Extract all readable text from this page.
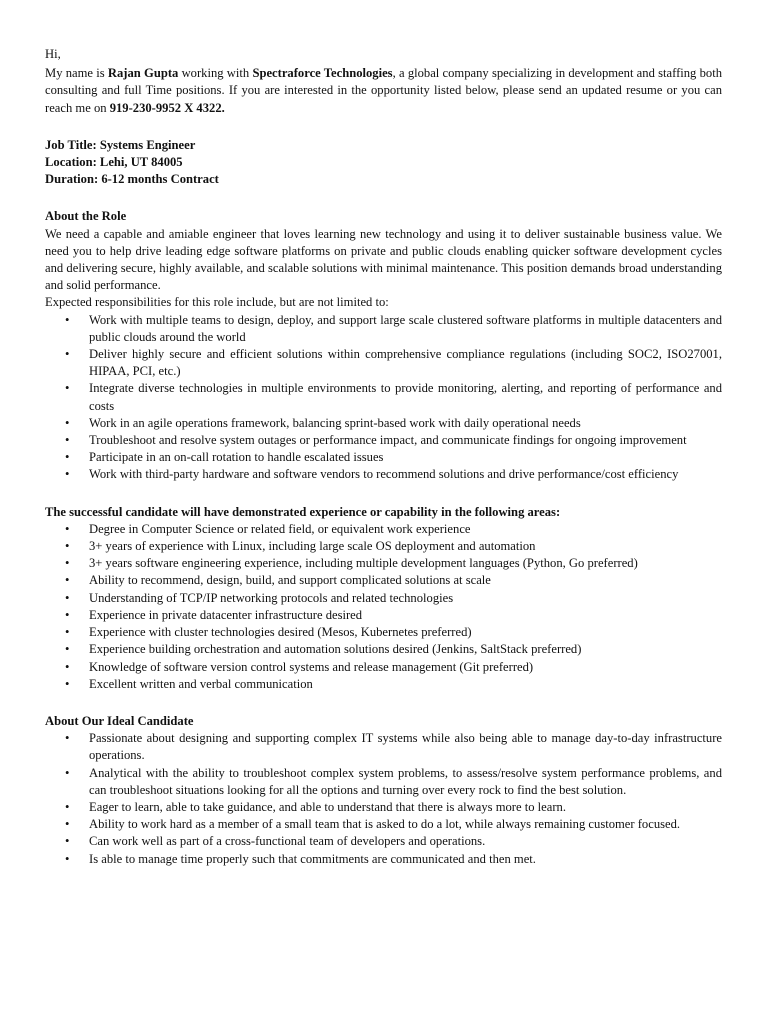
Hi,

My name is Rajan Gupta working with Spectraforce Technologies, a global company specializing in development and staffing both consulting and full Time positions. If you are interested in the opportunity listed below, please send an updated resume or you can reach me on 919-230-9952 X 4322.

Job Title: Systems Engineer
Location: Lehi, UT 84005
Duration: 6-12 months Contract
About the Role

We need a capable and amiable engineer that loves learning new technology and using it to deliver sustainable business value. We need you to help drive leading edge software platforms on private and public clouds enabling quicker software development cycles and delivering secure, highly available, and scalable solutions with minimal maintenance. This position demands broad understanding and solid performance.

Expected responsibilities for this role include, but are not limited to:

• Work with multiple teams to design, deploy, and support large scale clustered software platforms in multiple datacenters and public clouds around the world
• Deliver highly secure and efficient solutions within comprehensive compliance regulations (including SOC2, ISO27001, HIPAA, PCI, etc.)
• Integrate diverse technologies in multiple environments to provide monitoring, alerting, and reporting of performance and costs
• Work in an agile operations framework, balancing sprint-based work with daily operational needs
• Troubleshoot and resolve system outages or performance impact, and communicate findings for ongoing improvement
• Participate in an on-call rotation to handle escalated issues
• Work with third-party hardware and software vendors to recommend solutions and drive performance/cost efficiency
The successful candidate will have demonstrated experience or capability in the following areas:
• Degree in Computer Science or related field, or equivalent work experience
• 3+ years of experience with Linux, including large scale OS deployment and automation
• 3+ years software engineering experience, including multiple development languages (Python, Go preferred)
• Ability to recommend, design, build, and support complicated solutions at scale
• Understanding of TCP/IP networking protocols and related technologies
• Experience in private datacenter infrastructure desired
• Experience with cluster technologies desired (Mesos, Kubernetes preferred)
• Experience building orchestration and automation solutions desired (Jenkins, SaltStack preferred)
• Knowledge of software version control systems and release management (Git preferred)
• Excellent written and verbal communication
About Our Ideal Candidate
• Passionate about designing and supporting complex IT systems while also being able to manage day-to-day infrastructure operations.
• Analytical with the ability to troubleshoot complex system problems, to assess/resolve system performance problems, and can troubleshoot situations looking for all the options and turning over every rock to find the best solution.
• Eager to learn, able to take guidance, and able to understand that there is always more to learn.
• Ability to work hard as a member of a small team that is asked to do a lot, while always remaining customer focused.
• Can work well as part of a cross-functional team of developers and operations.
• Is able to manage time properly such that commitments are communicated and then met.
